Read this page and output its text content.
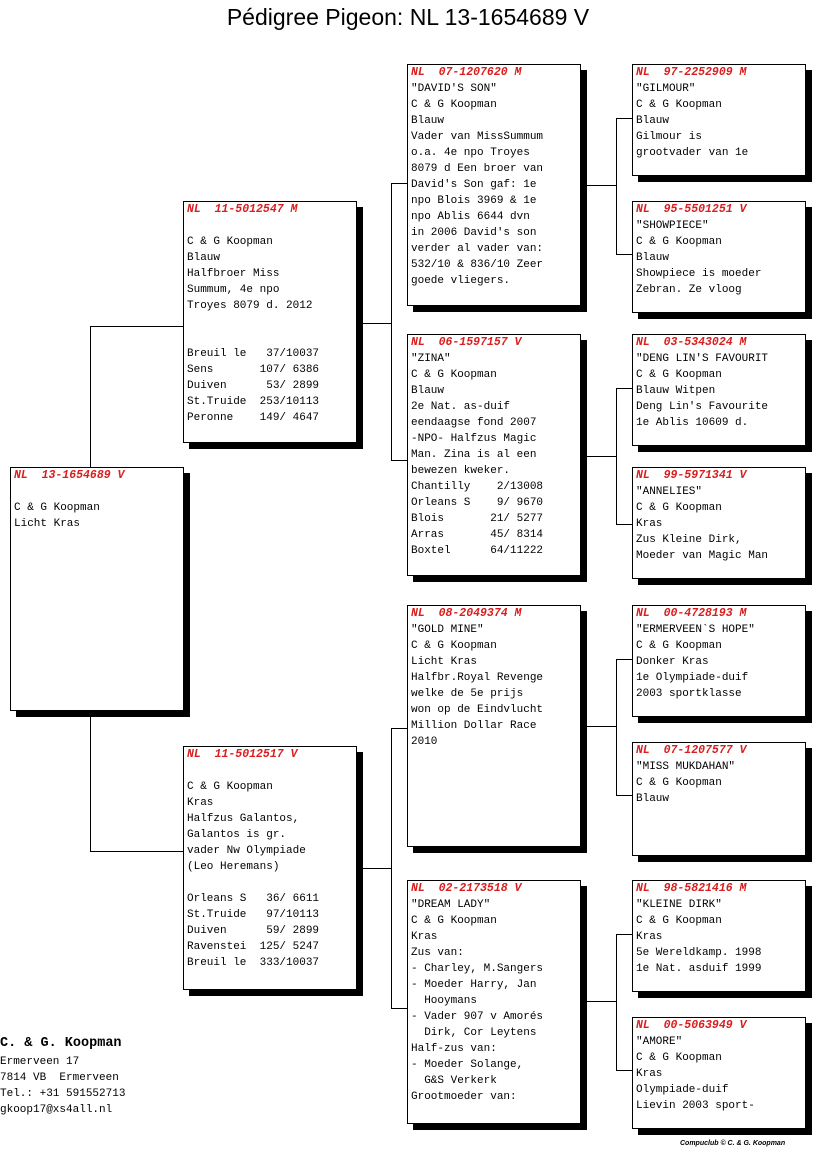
Pédigree Pigeon: NL 13-1654689 V
NL  13-1654689 V
C & G Koopman
Licht Kras
NL  11-5012547 M
C & G Koopman
Blauw
Halfbroer Miss
Summum, 4e npo
Troyes 8079 d. 2012
Breuil le   37/10037
Sens       107/ 6386
Duiven      53/ 2899
St.Truide  253/10113
Peronne    149/ 4647
NL  11-5012517 V
C & G Koopman
Kras
Halfzus Galantos,
Galantos is gr.
vader Nw Olympiade
(Leo Heremans)
Orleans S   36/ 6611
St.Truide   97/10113
Duiven      59/ 2899
Ravenstei  125/ 5247
Breuil le  333/10037
NL  07-1207620 M
"DAVID'S SON"
C & G Koopman
Blauw
Vader van MissSummum
o.a. 4e npo Troyes
8079 d Een broer van
David's Son gaf: 1e
npo Blois 3969 & 1e
npo Ablis 6644 dvn
in 2006 David's son
verder al vader van:
532/10 & 836/10 Zeer
goede vliegers.
NL  06-1597157 V
"ZINA"
C & G Koopman
Blauw
2e Nat. as-duif
eendaagse fond 2007
-NPO- Halfzus Magic
Man. Zina is al een
bewezen kweker.
Chantilly    2/13008
Orleans S    9/ 9670
Blois       21/ 5277
Arras       45/ 8314
Boxtel      64/11222
NL  08-2049374 M
"GOLD MINE"
C & G Koopman
Licht Kras
Halfbr.Royal Revenge
welke de 5e prijs
won op de Eindvlucht
Million Dollar Race
2010
NL  02-2173518 V
"DREAM LADY"
C & G Koopman
Kras
Zus van:
- Charley, M.Sangers
- Moeder Harry, Jan
Hooymans
- Vader 907 v Amorés
Dirk, Cor Leytens
Half-zus van:
- Moeder Solange,
G&S Verkerk
Grootmoeder van:
NL  97-2252909 M
"GILMOUR"
C & G Koopman
Blauw
Gilmour is
grootvader van 1e
NL  95-5501251 V
"SHOWPIECE"
C & G Koopman
Blauw
Showpiece is moeder
Zebran. Ze vloog
NL  03-5343024 M
"DENG LIN'S FAVOURIT
C & G Koopman
Blauw Witpen
Deng Lin's Favourite
1e Ablis 10609 d.
NL  99-5971341 V
"ANNELIES"
C & G Koopman
Kras
Zus Kleine Dirk,
Moeder van Magic Man
NL  00-4728193 M
"ERMERVEEN`S HOPE"
C & G Koopman
Donker Kras
1e Olympiade-duif
2003 sportklasse
NL  07-1207577 V
"MISS MUKDAHAN"
C & G Koopman
Blauw
NL  98-5821416 M
"KLEINE DIRK"
C & G Koopman
Kras
5e Wereldkamp. 1998
1e Nat. asduif 1999
NL  00-5063949 V
"AMORE"
C & G Koopman
Kras
Olympiade-duif
Lievin 2003 sport-
C. & G. Koopman
Ermerveen 17
7814 VB  Ermerveen
Tel.: +31 591552713
gkoop17@xs4all.nl
Compuclub © C. & G. Koopman
